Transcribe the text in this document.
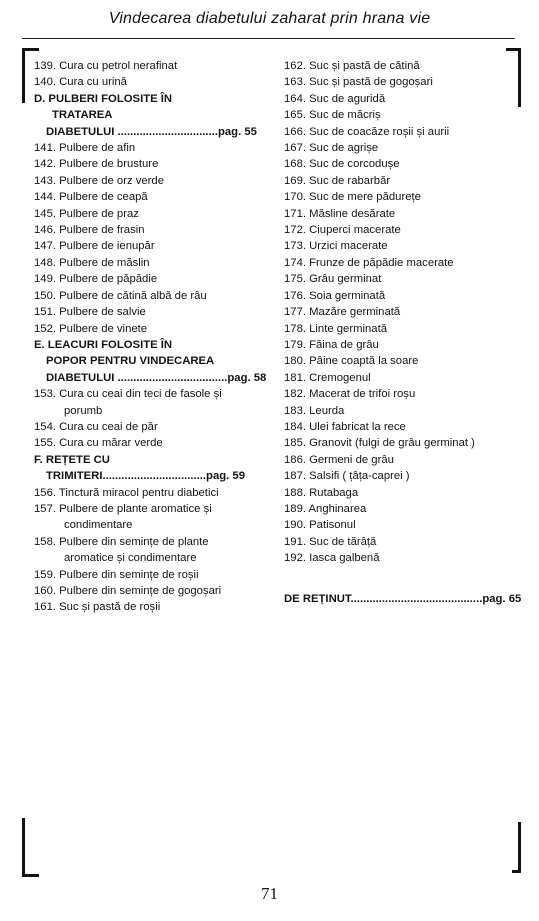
Vindecarea diabetului zaharat prin hrana vie
139. Cura cu petrol nerafinat
140. Cura cu urină
D. PULBERI FOLOSITE ÎN
TRATAREA
DIABETULUI ................................pag. 55
141. Pulbere de afin
142. Pulbere de brusture
143. Pulbere de orz verde
144. Pulbere de ceapă
145. Pulbere de praz
146. Pulbere de frasin
147. Pulbere de ienupăr
148. Pulbere de măslin
149. Pulbere de păpădie
150. Pulbere de cătină albă de râu
151. Pulbere de salvie
152. Pulbere de vinete
E. LEACURI FOLOSITE ÎN
POPOR PENTRU VINDECAREA
DIABETULUI ...................................pag. 58
153. Cura cu ceai din teci de fasole și
porumb
154. Cura cu ceai de păr
155. Cura cu mărar verde
F. REȚETE CU
TRIMITERI.................................pag. 59
156. Tinctură miracol pentru diabetici
157. Pulbere de plante aromatice și
condimentare
158. Pulbere din semințe de plante
aromatice și condimentare
159. Pulbere din semințe de roșii
160. Pulbere din semințe de gogoșari
161. Suc și pastă de roșii
162. Suc și pastă de cătină
163. Suc și pastă de gogoșari
164. Suc de aguridă
165. Suc de măcriș
166. Suc de coacăze roșii și aurii
167. Suc de agrișe
168. Suc de corcodușe
169. Suc de rabarbăr
170. Suc de mere pădurețe
171. Măsline desărate
172. Ciuperci macerate
173. Urzici macerate
174. Frunze de păpădie macerate
175. Grâu germinat
176. Soia germinată
177. Mazăre germinată
178. Linte germinată
179. Făina de grâu
180. Pâine coaptă la soare
181. Cremogenul
182. Macerat de trifoi roșu
183. Leurda
184. Ulei fabricat la rece
185. Granovit (fulgi de grâu germinat )
186. Germeni de grâu
187. Salsifi ( țâța-caprei )
188. Rutabaga
189. Anghinarea
190. Patisonul
191. Suc de tărâță
192. Iasca galbenă
DE REȚINUT..........................................pag. 65
71
